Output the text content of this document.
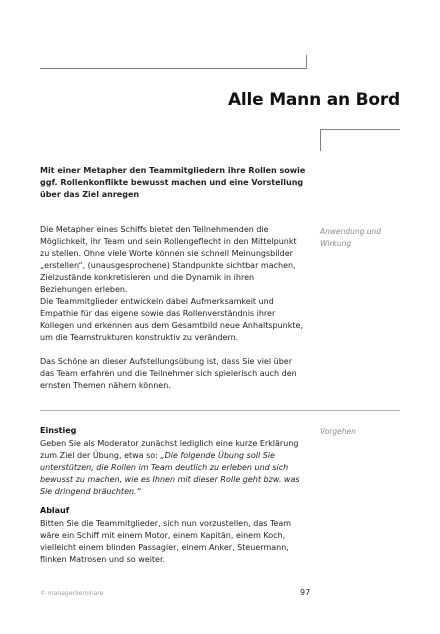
Alle Mann an Bord
Mit einer Metapher den Teammitgliedern ihre Rollen sowie ggf. Rollenkonflikte bewusst machen und eine Vorstellung über das Ziel anregen
Die Metapher eines Schiffs bietet den Teilnehmenden die Möglichkeit, ihr Team und sein Rollengeflecht in den Mittelpunkt zu stellen. Ohne viele Worte können sie schnell Meinungsbilder „erstellen“, (unausgesprochene) Standpunkte sichtbar machen, Zielzustände konkretisieren und die Dynamik in ihren Beziehungen erleben.
Anwendung und Wirkung
Die Teammitglieder entwickeln dabei Aufmerksamkeit und Empathie für das eigene sowie das Rollenverständnis ihrer Kollegen und erkennen aus dem Gesamtbild neue Anhaltspunkte, um die Teamstrukturen konstruktiv zu verändern.
Das Schöne an dieser Aufstellungsübung ist, dass Sie viel über das Team erfahren und die Teilnehmer sich spielerisch auch den ernsten Themen nähern können.
Einstieg	Vorgehen
Geben Sie als Moderator zunächst lediglich eine kurze Erklärung zum Ziel der Übung, etwa so: „Die folgende Übung soll Sie unterstützen, die Rollen im Team deutlich zu erleben und sich bewusst zu machen, wie es Ihnen mit dieser Rolle geht bzw. was Sie dringend bräuchten.“
Ablauf
Bitten Sie die Teammitglieder, sich nun vorzustellen, das Team wäre ein Schiff mit einem Motor, einem Kapitän, einem Koch, vielleicht einem blinden Passagier, einem Anker, Steuermann, flinken Matrosen und so weiter.
© managerSeminare	97
